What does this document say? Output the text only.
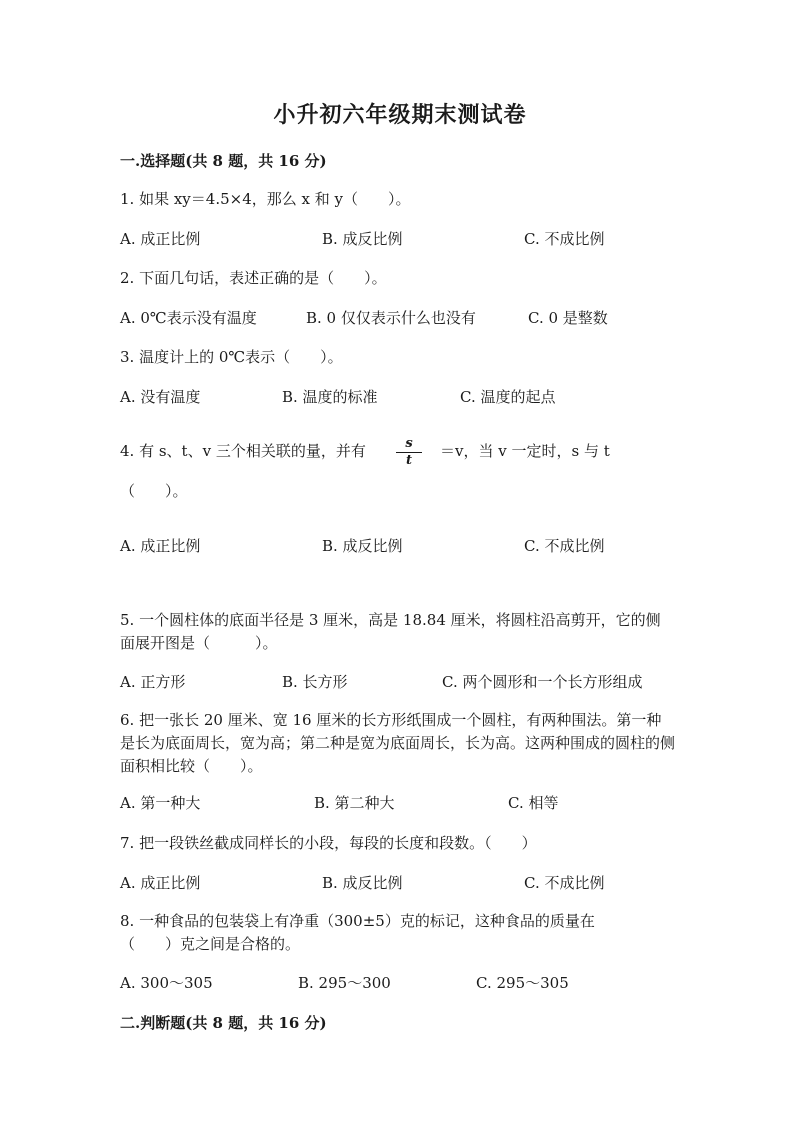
小升初六年级期末测试卷
一.选择题(共 8 题，共 16 分)
1. 如果 xy＝4.5×4，那么 x 和 y（　　）。
A. 成正比例	B. 成反比例	C. 不成比例
2. 下面几句话，表述正确的是（　　）。
A. 0℃表示没有温度	B. 0 仅仅表示什么也没有	C. 0 是整数
3. 温度计上的 0℃表示（　　）。
A. 没有温度	B. 温度的标准	C. 温度的起点
4. 有 s、t、v 三个相关联的量，并有	$\frac{s}{t} =v$，当 v 一定时，s 与 t
（　　）。
A. 成正比例	B. 成反比例	C. 不成比例
5. 一个圆柱体的底面半径是 3 厘米，高是 18.84 厘米，将圆柱沿高剪开，它的侧面展开图是（　　　）。
A. 正方形	B. 长方形	C. 两个圆形和一个长方形组成
6. 把一张长 20 厘米、宽 16 厘米的长方形纸围成一个圆柱，有两种围法。第一种是长为底面周长，宽为高；第二种是宽为底面周长，长为高。这两种围成的圆柱的侧面积相比较（　　）。
A. 第一种大	B. 第二种大	C. 相等
7. 把一段铁丝截成同样长的小段，每段的长度和段数。（　　）
A. 成正比例	B. 成反比例	C. 不成比例
8. 一种食品的包装袋上有净重（300±5）克的标记，这种食品的质量在（　　）克之间是合格的。
A. 300～305	B. 295～300	C. 295～305
二.判断题(共 8 题，共 16 分)
